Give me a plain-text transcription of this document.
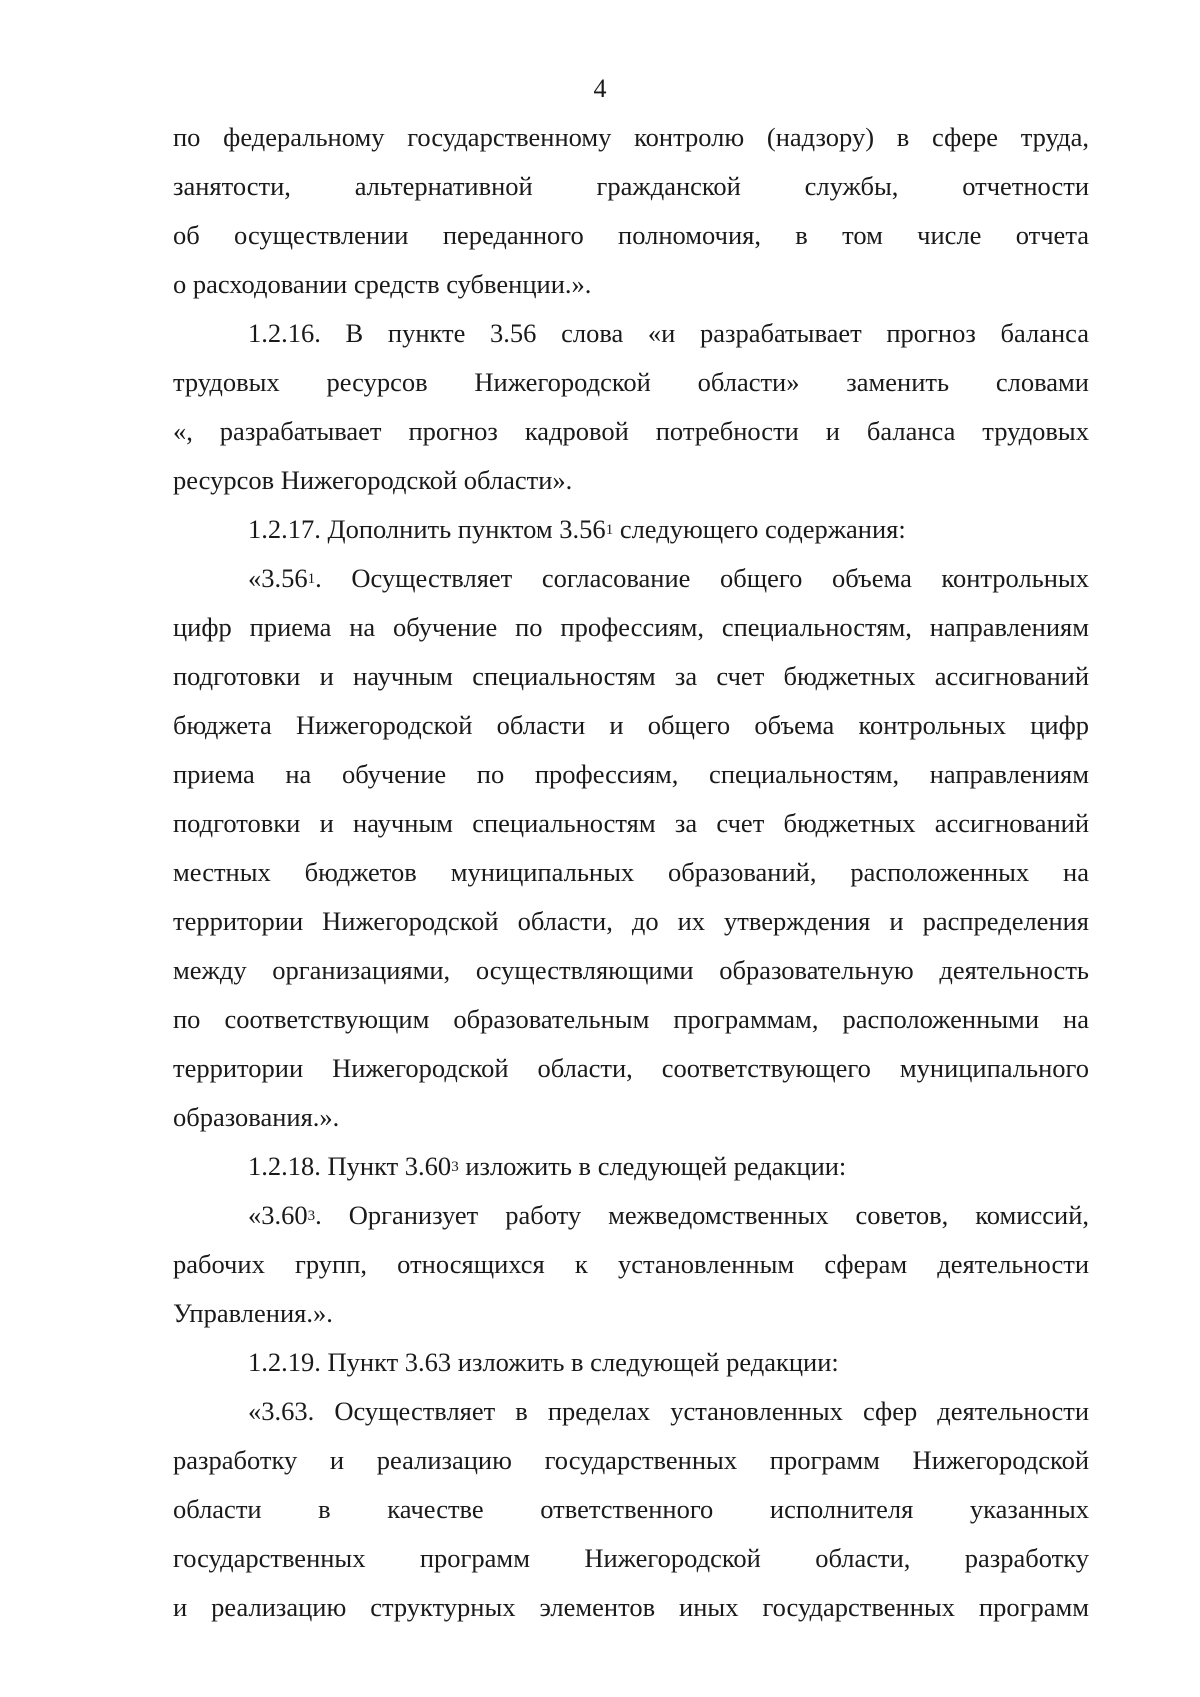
4
по федеральному государственному контролю (надзору) в сфере труда,
занятости, альтернативной гражданской службы, отчетности
об осуществлении переданного полномочия, в том числе отчета
о расходовании средств субвенции.».
1.2.16. В пункте 3.56 слова «и разрабатывает прогноз баланса
трудовых ресурсов Нижегородской области» заменить словами
«, разрабатывает прогноз кадровой потребности и баланса трудовых
ресурсов Нижегородской области».
1.2.17. Дополнить пунктом 3.56$^1$ следующего содержания:
«3.56$^1$. Осуществляет согласование общего объема контрольных
цифр приема на обучение по профессиям, специальностям, направлениям
подготовки и научным специальностям за счет бюджетных ассигнований
бюджета Нижегородской области и общего объема контрольных цифр
приема на обучение по профессиям, специальностям, направлениям
подготовки и научным специальностям за счет бюджетных ассигнований
местных бюджетов муниципальных образований, расположенных на
территории Нижегородской области, до их утверждения и распределения
между организациями, осуществляющими образовательную деятельность
по соответствующим образовательным программам, расположенными на
территории Нижегородской области, соответствующего муниципального
образования.».
1.2.18. Пункт 3.60$^3$ изложить в следующей редакции:
«3.60$^3$. Организует работу межведомственных советов, комиссий,
рабочих групп, относящихся к установленным сферам деятельности
Управления.».
1.2.19. Пункт 3.63 изложить в следующей редакции:
«3.63. Осуществляет в пределах установленных сфер деятельности
разработку и реализацию государственных программ Нижегородской
области в качестве ответственного исполнителя указанных
государственных программ Нижегородской области, разработку
и реализацию структурных элементов иных государственных программ
